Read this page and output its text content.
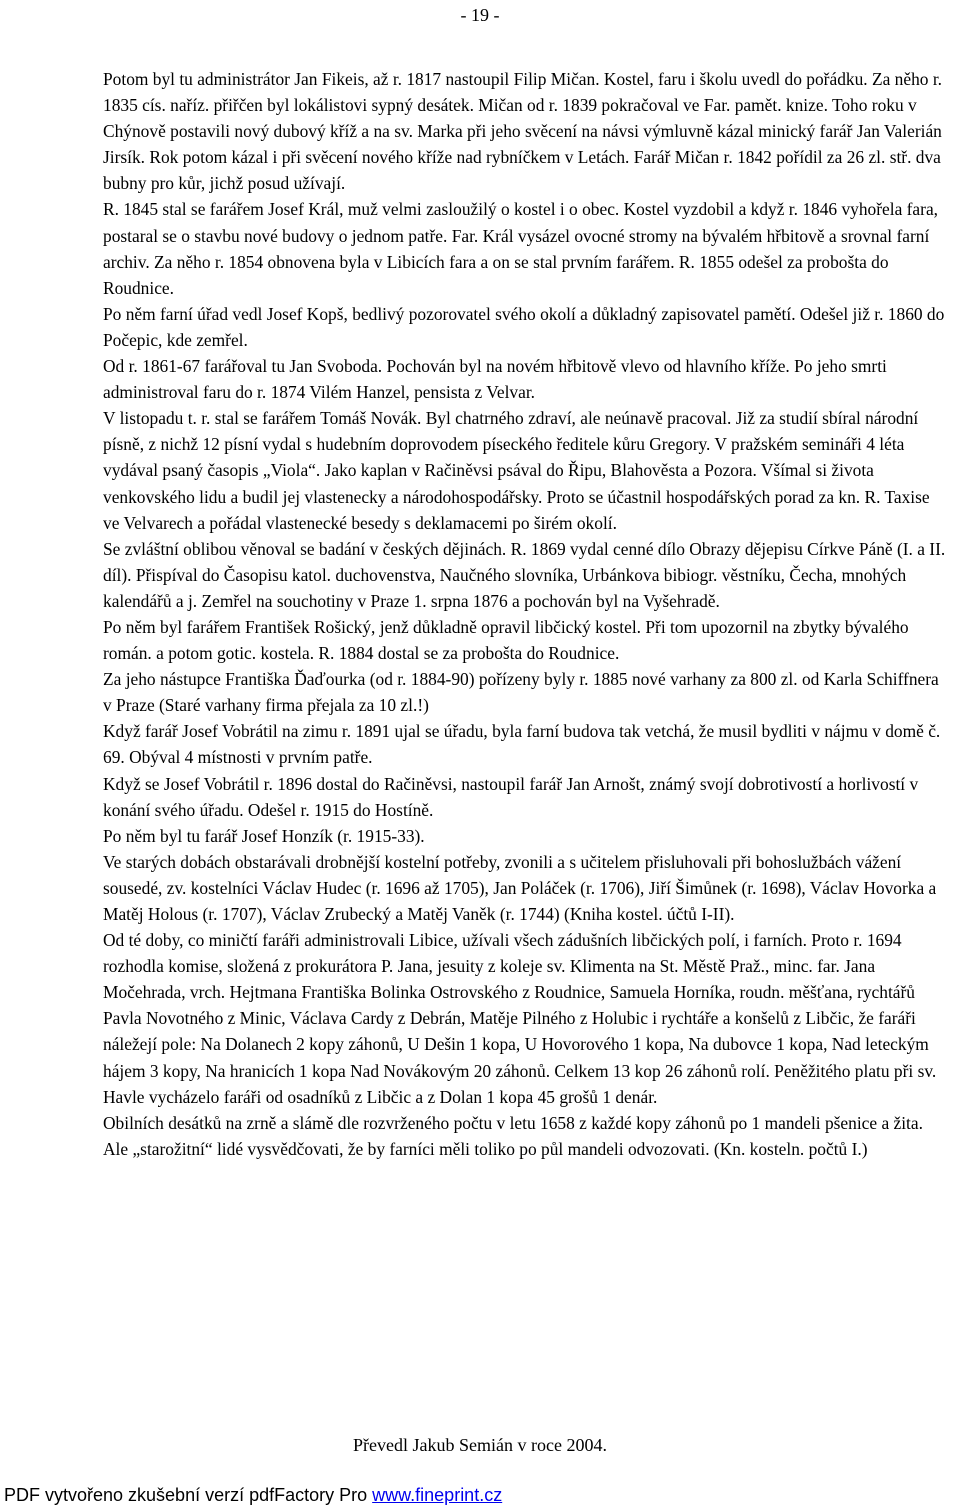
- 19 -

Potom byl tu administrátor Jan Fikeis, až r. 1817 nastoupil Filip Mičan. Kostel, faru i školu uvedl do pořádku. Za něho r. 1835 cís. naříz. přiřčen byl lokálistovi sypný desátek. Mičan od r. 1839 pokračoval ve Far. pamět. knize. Toho roku v Chýnově postavili nový dubový kříž a na sv. Marka při jeho svěcení na návsi výmluvně kázal minický farář Jan Valerián Jirsík. Rok potom kázal i při svěcení nového kříže nad rybníčkem v Letách. Farář Mičan r. 1842 pořídil za 26 zl. stř. dva bubny pro kůr, jichž posud užívají.

R. 1845 stal se farářem Josef Král, muž velmi zasloužilý o kostel i o obec. Kostel vyzdobil a když r. 1846 vyhořela fara, postaral se o stavbu nové budovy o jednom patře. Far. Král vysázel ovocné stromy na bývalém hřbitově a srovnal farní archiv. Za něho r. 1854 obnovena byla v Libicích fara a on se stal prvním farářem. R. 1855 odešel za probošta do Roudnice.

Po něm farní úřad vedl Josef Kopš, bedlivý pozorovatel svého okolí a důkladný zapisovatel pamětí. Odešel již r. 1860 do Počepic, kde zemřel.

Od r. 1861-67 farářoval tu Jan Svoboda. Pochován byl na novém hřbitově vlevo od hlavního kříže. Po jeho smrti administroval faru do r. 1874 Vilém Hanzel, pensista z Velvar.

V listopadu t. r. stal se farářem Tomáš Novák. Byl chatrného zdraví, ale neúnavě pracoval. Již za studií sbíral národní písně, z nichž 12 písní vydal s hudebním doprovodem píseckého ředitele kůru Gregory. V pražském semináři 4 léta vydával psaný časopis „Viola“. Jako kaplan v Račiněvsi psával do Řipu, Blahověsta a Pozora. Všímal si života venkovského lidu a budil jej vlastenecky a národohospodářsky. Proto se účastnil hospodářských porad za kn. R. Taxise ve Velvarech a pořádal vlastenecké besedy s deklamacemi po širém okolí.

Se zvláštní oblibou věnoval se badání v českých dějinách. R. 1869 vydal cenné dílo Obrazy dějepisu Církve Páně (I. a II. díl). Přispíval do Časopisu katol. duchovenstva, Naučného slovníka, Urbánkova bibiogr. věstníku, Čecha, mnohých kalendářů a j. Zemřel na souchotiny v Praze 1. srpna 1876 a pochován byl na Vyšehradě.

Po něm byl farářem František Rošický, jenž důkladně opravil libčický kostel. Při tom upozornil na zbytky bývalého román. a potom gotic. kostela. R. 1884 dostal se za probošta do Roudnice.

Za jeho nástupce Františka Ďaďourka (od r. 1884-90) pořízeny byly r. 1885 nové varhany za 800 zl. od Karla Schiffnera v Praze (Staré varhany firma přejala za 10 zl.!)

Když farář Josef Vobrátil na zimu r. 1891 ujal se úřadu, byla farní budova tak vetchá, že musil bydliti v nájmu v domě č. 69. Obýval 4 místnosti v prvním patře.

Když se Josef Vobrátil r. 1896 dostal do Račiněvsi, nastoupil farář Jan Arnošt, známý svojí dobrotivostí a horlivostí v konání svého úřadu. Odešel r. 1915 do Hostíně.

Po něm byl tu farář Josef Honzík (r. 1915-33).

Ve starých dobách obstarávali drobnější kostelní potřeby, zvonili a s učitelem přisluhovali při bohoslužbách vážení sousedé, zv. kostelníci Václav Hudec (r. 1696 až 1705), Jan Poláček (r. 1706), Jiří Šimůnek (r. 1698), Václav Hovorka a Matěj Holous (r. 1707), Václav Zrubecký a Matěj Vaněk (r. 1744) (Kniha kostel. účtů I-II).

Od té doby, co miničtí faráři administrovali Libice, užívali všech zádušních libčických polí, i farních. Proto r. 1694 rozhodla komise, složená z prokurátora P. Jana, jesuity z koleje sv. Klimenta na St. Městě Praž., minc. far. Jana Močehrada, vrch. Hejtmana Františka Bolinka Ostrovského z Roudnice, Samuela Horníka, roudn. měšťana, rychtářů Pavla Novotného z Minic, Václava Cardy z Debrán, Matěje Pilného z Holubic i rychtáře a konšelů z Libčic, že faráři náležejí pole: Na Dolanech 2 kopy záhonů, U Dešin 1 kopa, U Hovorového 1 kopa, Na dubovce 1 kopa, Nad leteckým hájem 3 kopy, Na hranicích 1 kopa Nad Novákovým 20 záhonů. Celkem 13 kop 26 záhonů rolí. Peněžitého platu při sv. Havle vycházelo faráři od osadníků z Libčic a z Dolan 1 kopa 45 grošů 1 denár.

Obilních desátků na zrně a slámě dle rozvrženého počtu v letu 1658 z každé kopy záhonů po 1 mandeli pšenice a žita. Ale „starožitní“ lidé vysvědčovati, že by farníci měli toliko po půl mandeli odvozovati. (Kn. kosteln. počtů I.)

Převedl Jakub Semián v roce 2004.
PDF vytvořeno zkušební verzí pdfFactory Pro www.fineprint.cz
